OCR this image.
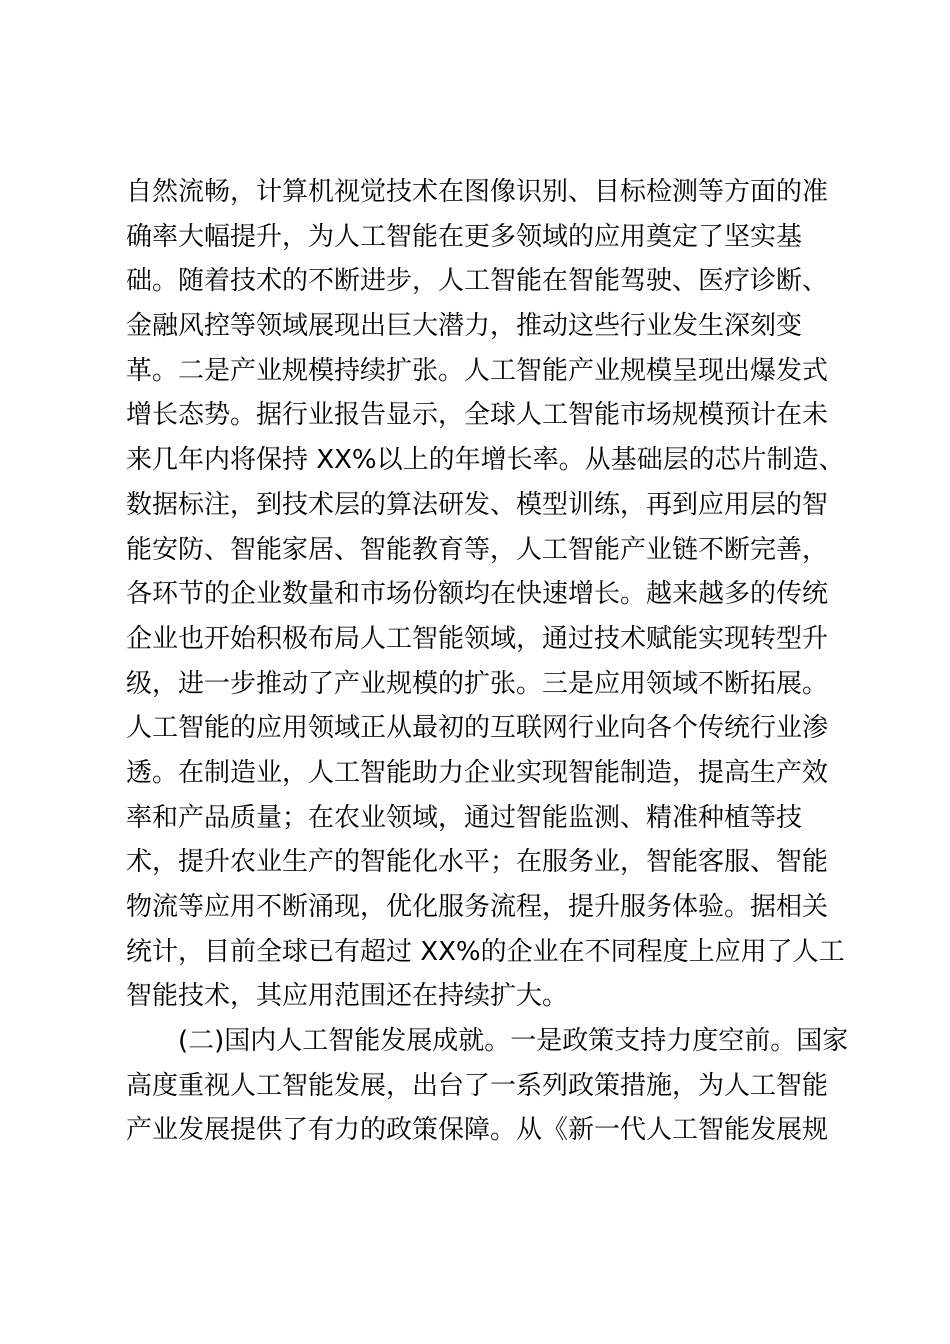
自然流畅，计算机视觉技术在图像识别、目标检测等方面的准
确率大幅提升，为人工智能在更多领域的应用奠定了坚实基
础。随着技术的不断进步，人工智能在智能驾驶、医疗诊断、
金融风控等领域展现出巨大潜力，推动这些行业发生深刻变
革。二是产业规模持续扩张。人工智能产业规模呈现出爆发式
增长态势。据行业报告显示，全球人工智能市场规模预计在未
来几年内将保持 XX%以上的年增长率。从基础层的芯片制造、
数据标注，到技术层的算法研发、模型训练，再到应用层的智
能安防、智能家居、智能教育等，人工智能产业链不断完善，
各环节的企业数量和市场份额均在快速增长。越来越多的传统
企业也开始积极布局人工智能领域，通过技术赋能实现转型升
级，进一步推动了产业规模的扩张。三是应用领域不断拓展。
人工智能的应用领域正从最初的互联网行业向各个传统行业渗
透。在制造业，人工智能助力企业实现智能制造，提高生产效
率和产品质量；在农业领域，通过智能监测、精准种植等技
术，提升农业生产的智能化水平；在服务业，智能客服、智能
物流等应用不断涌现，优化服务流程，提升服务体验。据相关
统计，目前全球已有超过 XX%的企业在不同程度上应用了人工
智能技术，其应用范围还在持续扩大。
(二)国内人工智能发展成就。一是政策支持力度空前。国家
高度重视人工智能发展，出台了一系列政策措施，为人工智能
产业发展提供了有力的政策保障。从《新一代人工智能发展规
